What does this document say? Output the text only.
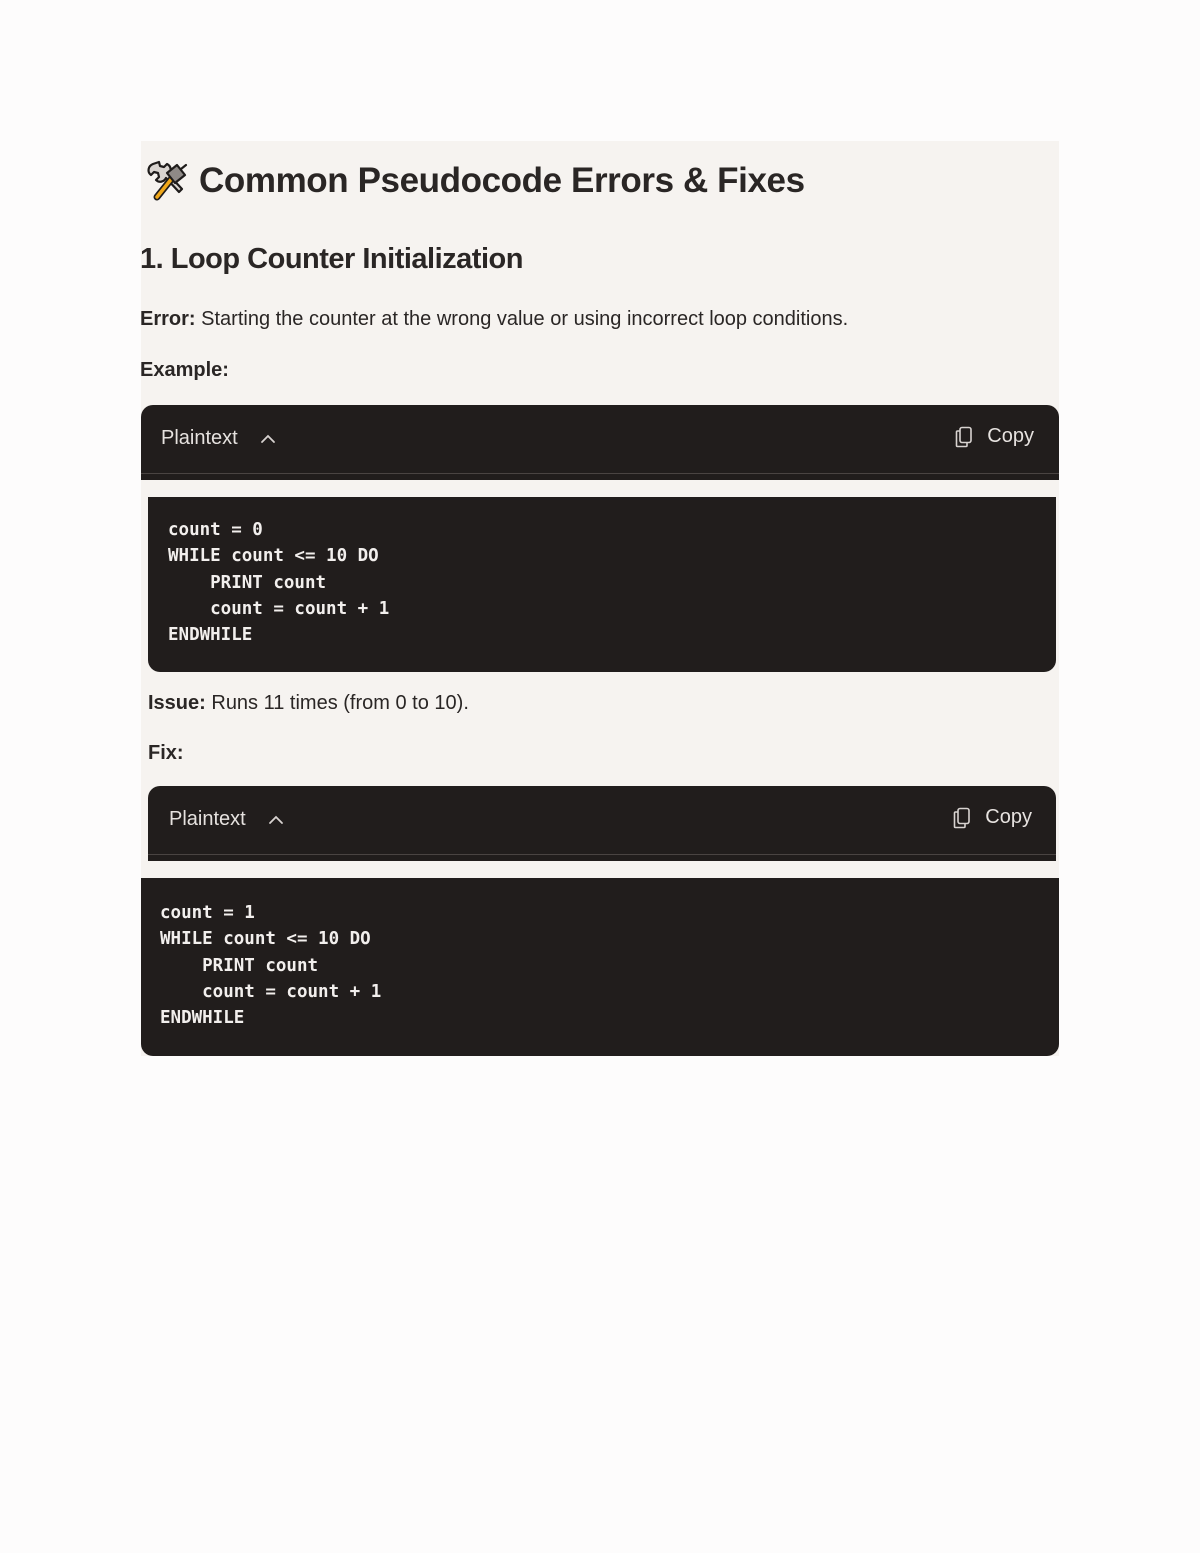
Common Pseudocode Errors & Fixes
1. Loop Counter Initialization
Error: Starting the counter at the wrong value or using incorrect loop conditions.
Example:
Plaintext	Copy
count = 0
WHILE count <= 10 DO
PRINT count
count = count + 1
ENDWHILE
Issue: Runs 11 times (from 0 to 10).
Fix:
Plaintext	Copy
count = 1
WHILE count <= 10 DO
PRINT count
count = count + 1
ENDWHILE
